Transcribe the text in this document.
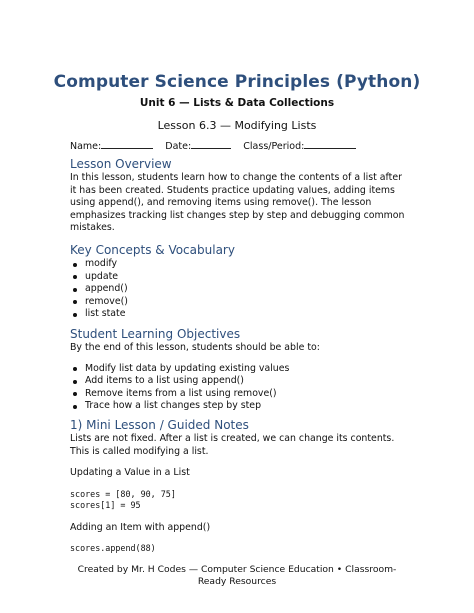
Computer Science Principles (Python)
Unit 6 — Lists & Data Collections
Lesson 6.3 — Modifying Lists
Name:	Date:	Class/Period:
Lesson Overview

In this lesson, students learn how to change the contents of a list after

it has been created. Students practice updating values, adding items

using append(), and removing items using remove(). The lesson

emphasizes tracking list changes step by step and debugging common

mistakes.

Key Concepts & Vocabulary
modify
update
append()
remove()
list state
Student Learning Objectives

By the end of this lesson, students should be able to:

Modify list data by updating existing values
Add items to a list using append()
Remove items from a list using remove()
Trace how a list changes step by step
1) Mini Lesson / Guided Notes

Lists are not fixed. After a list is created, we can change its contents.

This is called modifying a list.

Updating a Value in a List

scores = [80, 90, 75]

scores[1] = 95

Adding an Item with append()

scores.append(88)

Created by Mr. H Codes — Computer Science Education • Classroom-
Ready Resources
